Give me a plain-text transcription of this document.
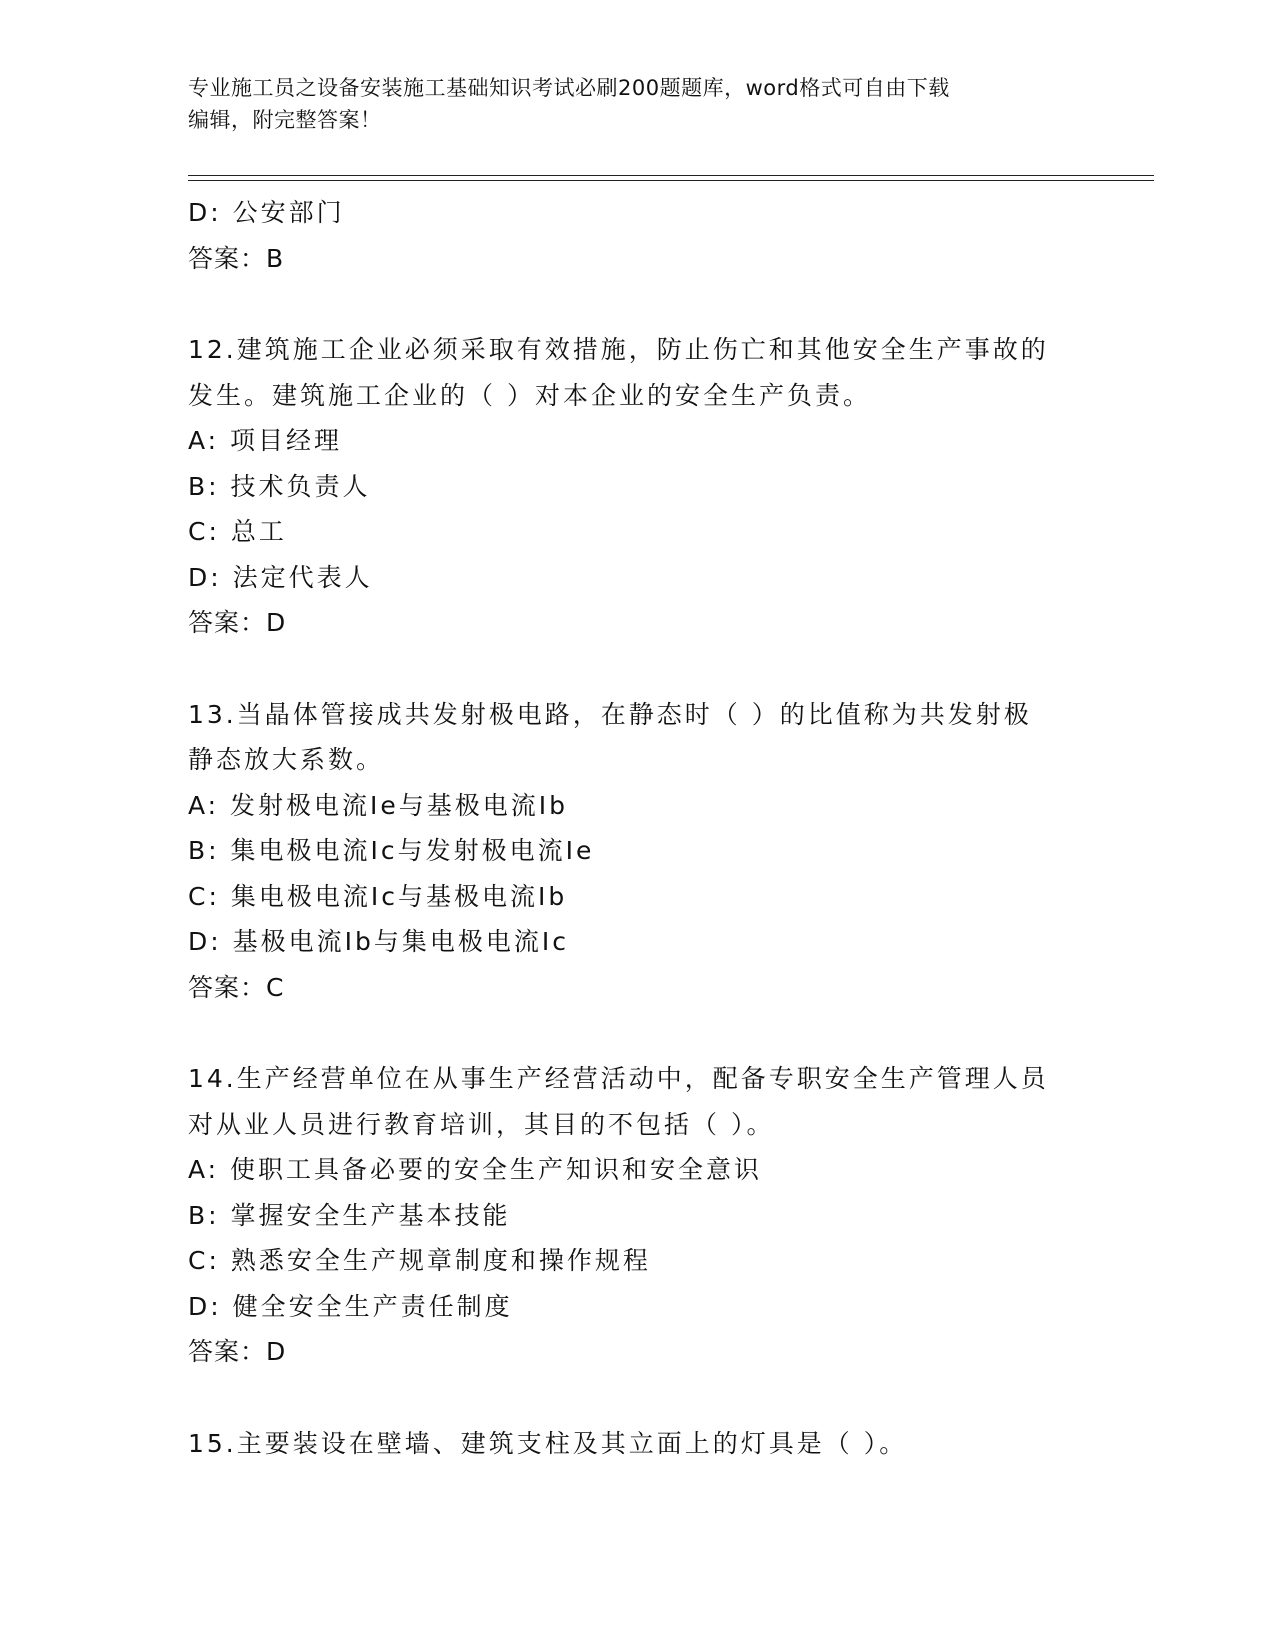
专业施工员之设备安装施工基础知识考试必刷200题题库，word格式可自由下载
编辑，附完整答案！
D: 公安部门
答案：B
12.建筑施工企业必须采取有效措施，防止伤亡和其他安全生产事故的
发生。建筑施工企业的（ ）对本企业的安全生产负责。
A: 项目经理
B: 技术负责人
C: 总工
D: 法定代表人
答案：D
13.当晶体管接成共发射极电路，在静态时（ ）的比值称为共发射极
静态放大系数。
A: 发射极电流Ie与基极电流Ib
B: 集电极电流Ic与发射极电流Ie
C: 集电极电流Ic与基极电流Ib
D: 基极电流Ib与集电极电流Ic
答案：C
14.生产经营单位在从事生产经营活动中，配备专职安全生产管理人员
对从业人员进行教育培训，其目的不包括（ ）。
A: 使职工具备必要的安全生产知识和安全意识
B: 掌握安全生产基本技能
C: 熟悉安全生产规章制度和操作规程
D: 健全安全生产责任制度
答案：D
15.主要装设在壁墙、建筑支柱及其立面上的灯具是（ ）。
